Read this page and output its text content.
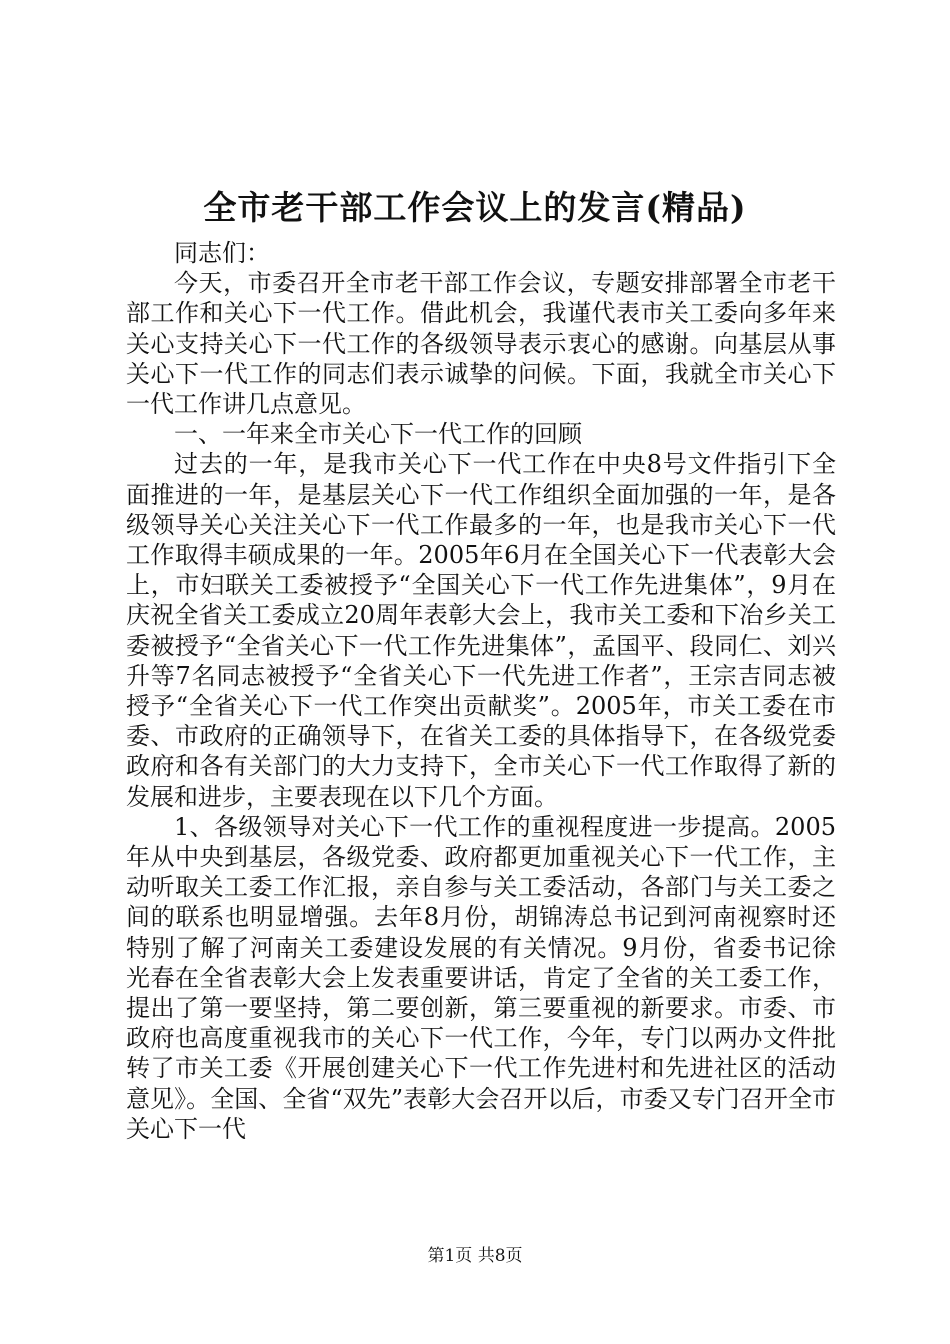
全市老干部工作会议上的发言(精品)

同志们：

今天，市委召开全市老干部工作会议，专题安排部署全市老干部工作和关心下一代工作。借此机会，我谨代表市关工委向多年来关心支持关心下一代工作的各级领导表示衷心的感谢。向基层从事关心下一代工作的同志们表示诚挚的问候。下面，我就全市关心下一代工作讲几点意见。

一、一年来全市关心下一代工作的回顾

过去的一年，是我市关心下一代工作在中央8号文件指引下全面推进的一年，是基层关心下一代工作组织全面加强的一年，是各级领导关心关注关心下一代工作最多的一年，也是我市关心下一代工作取得丰硕成果的一年。2005年6月在全国关心下一代表彰大会上，市妇联关工委被授予“全国关心下一代工作先进集体”，9月在庆祝全省关工委成立20周年表彰大会上，我市关工委和下冶乡关工委被授予“全省关心下一代工作先进集体”，孟国平、段同仁、刘兴升等7名同志被授予“全省关心下一代先进工作者”，王宗吉同志被授予“全省关心下一代工作突出贡献奖”。2005年，市关工委在市委、市政府的正确领导下，在省关工委的具体指导下，在各级党委政府和各有关部门的大力支持下，全市关心下一代工作取得了新的发展和进步，主要表现在以下几个方面。

1、各级领导对关心下一代工作的重视程度进一步提高。2005年从中央到基层，各级党委、政府都更加重视关心下一代工作，主动听取关工委工作汇报，亲自参与关工委活动，各部门与关工委之间的联系也明显增强。去年8月份，胡锦涛总书记到河南视察时还特别了解了河南关工委建设发展的有关情况。9月份，省委书记徐光春在全省表彰大会上发表重要讲话，肯定了全省的关工委工作，提出了第一要坚持，第二要创新，第三要重视的新要求。市委、市政府也高度重视我市的关心下一代工作，今年，专门以两办文件批转了市关工委《开展创建关心下一代工作先进村和先进社区的活动意见》。全国、全省“双先”表彰大会召开以后，市委又专门召开全市关心下一代

第1页 共8页
